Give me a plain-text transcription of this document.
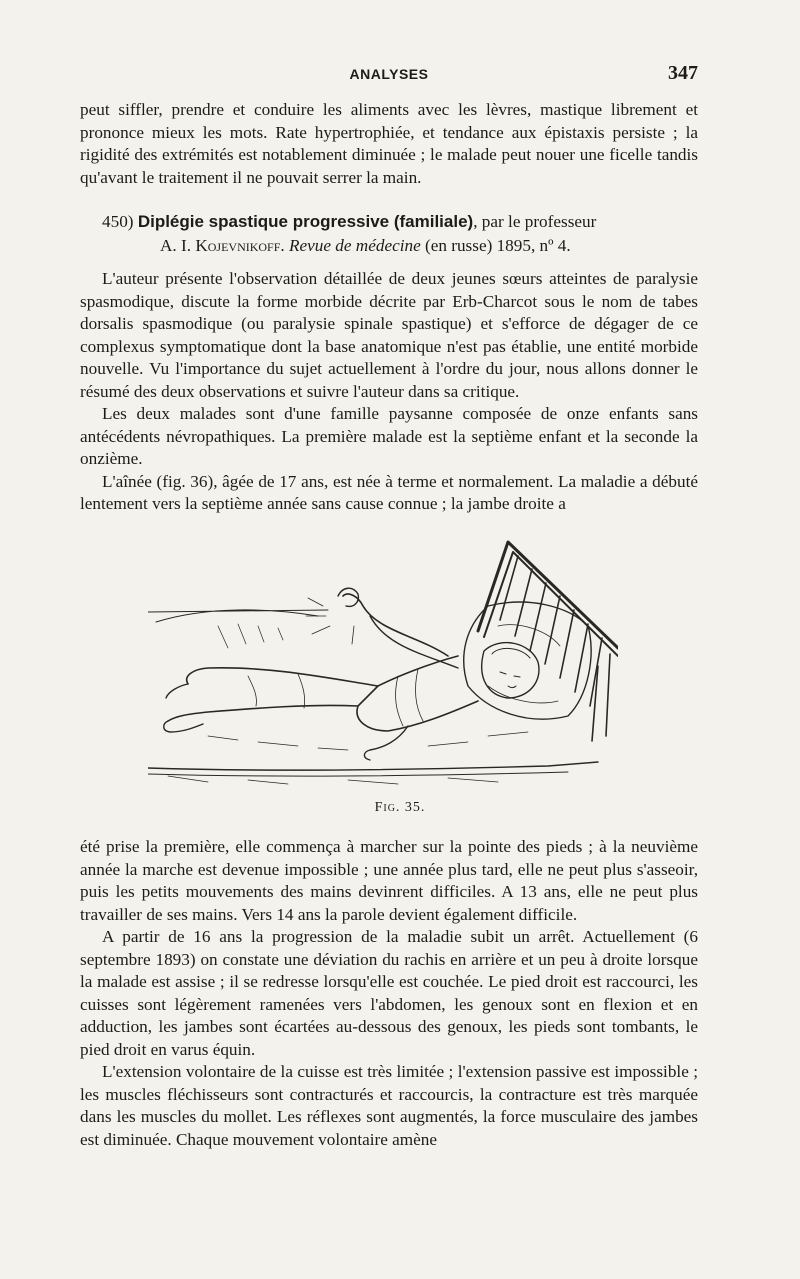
ANALYSES	347

peut siffler, prendre et conduire les aliments avec les lèvres, mastique librement et prononce mieux les mots. Rate hypertrophiée, et tendance aux épistaxis persiste ; la rigidité des extrémités est notablement diminuée ; le malade peut nouer une ficelle tandis qu'avant le traitement il ne pouvait serrer la main.

450) Diplégie spastique progressive (familiale), par le professeur

A. I. Kojevnikoff. Revue de médecine (en russe) 1895, nº 4.

L'auteur présente l'observation détaillée de deux jeunes sœurs atteintes de paralysie spasmodique, discute la forme morbide décrite par Erb-Charcot sous le nom de tabes dorsalis spasmodique (ou paralysie spinale spastique) et s'efforce de dégager de ce complexus symptomatique dont la base anatomique n'est pas établie, une entité morbide nouvelle. Vu l'importance du sujet actuellement à l'ordre du jour, nous allons donner le résumé des deux observations et suivre l'auteur dans sa critique.

Les deux malades sont d'une famille paysanne composée de onze enfants sans antécédents névropathiques. La première malade est la septième enfant et la seconde la onzième.

L'aînée (fig. 36), âgée de 17 ans, est née à terme et normalement. La maladie a débuté lentement vers la septième année sans cause connue ; la jambe droite a

Fig. 35.

été prise la première, elle commença à marcher sur la pointe des pieds ; à la neuvième année la marche est devenue impossible ; une année plus tard, elle ne peut plus s'asseoir, puis les petits mouvements des mains devinrent difficiles. A 13 ans, elle ne peut plus travailler de ses mains. Vers 14 ans la parole devient également difficile.

A partir de 16 ans la progression de la maladie subit un arrêt. Actuellement (6 septembre 1893) on constate une déviation du rachis en arrière et un peu à droite lorsque la malade est assise ; il se redresse lorsqu'elle est couchée. Le pied droit est raccourci, les cuisses sont légèrement ramenées vers l'abdomen, les genoux sont en flexion et en adduction, les jambes sont écartées au-dessous des genoux, les pieds sont tombants, le pied droit en varus équin.

L'extension volontaire de la cuisse est très limitée ; l'extension passive est impossible ; les muscles fléchisseurs sont contracturés et raccourcis, la contracture est très marquée dans les muscles du mollet. Les réflexes sont augmentés, la force musculaire des jambes est diminuée. Chaque mouvement volontaire amène
